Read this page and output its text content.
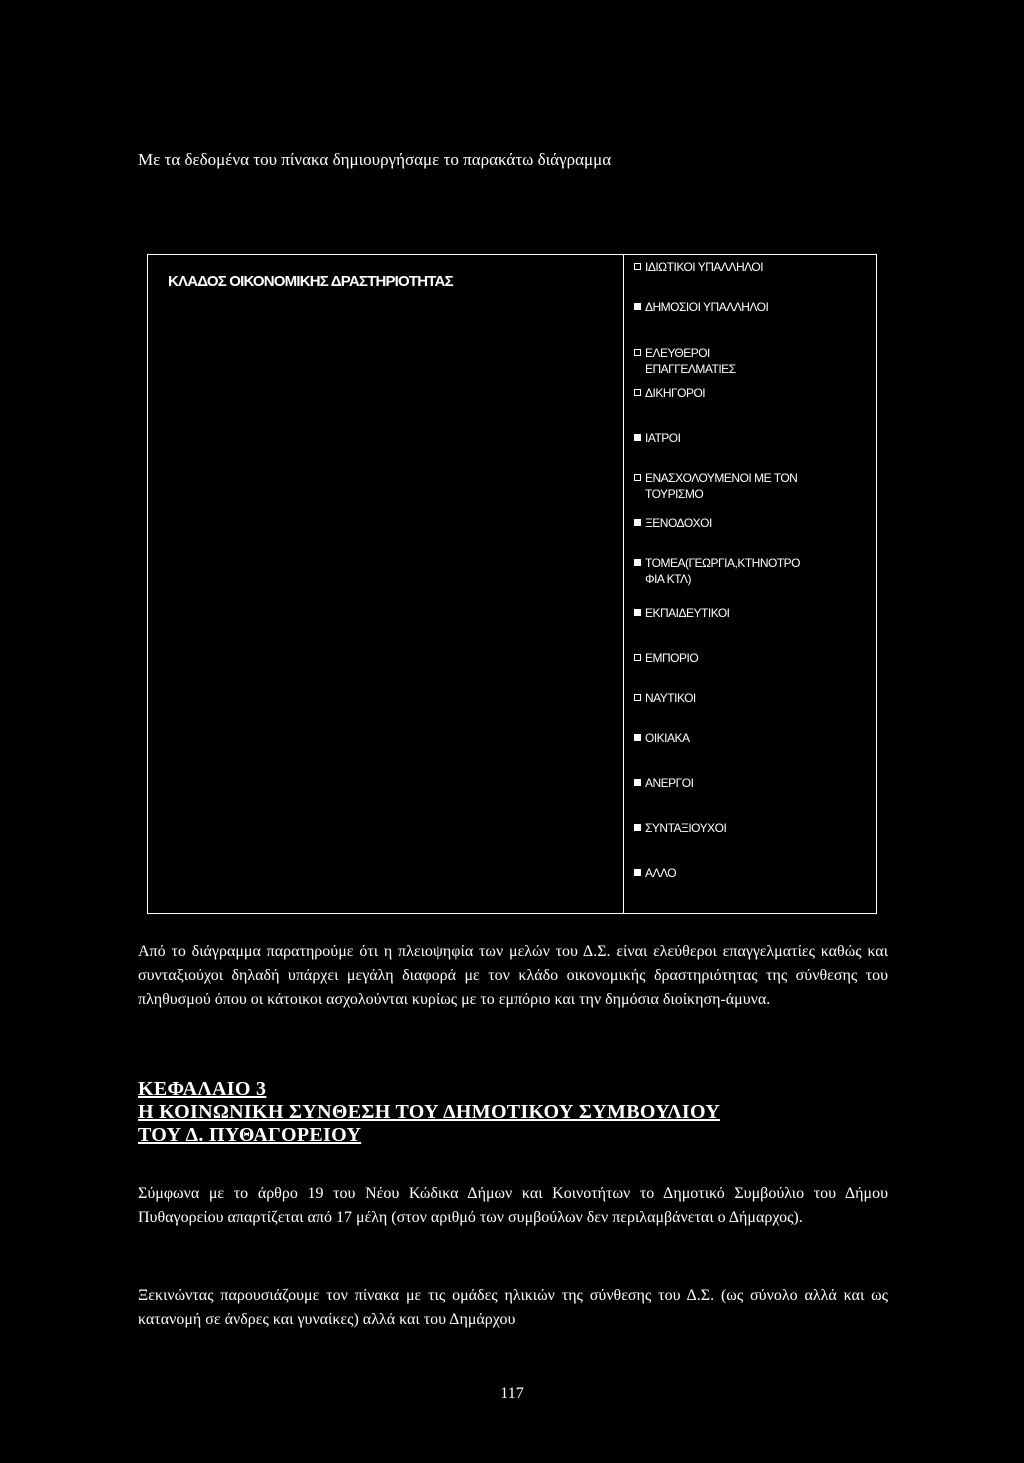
Με τα δεδομένα του πίνακα δημιουργήσαμε το παρακάτω διάγραμμα

ΚΛΑΔΟΣ ΟΙΚΟΝΟΜΙΚΗΣ ΔΡΑΣΤΗΡΙΟΤΗΤΑΣ
ΙΔΙΩΤΙΚΟΙ ΥΠΑΛΛΗΛΟΙ
ΔΗΜΟΣΙΟΙ ΥΠΑΛΛΗΛΟΙ
ΕΛΕΥΘΕΡΟΙ
ΕΠΑΓΓΕΛΜΑΤΙΕΣ
ΔΙΚΗΓΟΡΟΙ
ΙΑΤΡΟΙ
ΕΝΑΣΧΟΛΟΥΜΕΝΟΙ ΜΕ ΤΟΝ
ΤΟΥΡΙΣΜΟ
ΞΕΝΟΔΟΧΟΙ
ΤΟΜΕΑ(ΓΕΩΡΓΙΑ,ΚΤΗΝΟΤΡΟ
ΦΙΑ ΚΤΛ)
ΕΚΠΑΙΔΕΥΤΙΚΟΙ
ΕΜΠΟΡΙΟ
ΝΑΥΤΙΚΟΙ
ΟΙΚΙΑΚΑ
ΑΝΕΡΓΟΙ
ΣΥΝΤΑΞΙΟΥΧΟΙ
ΑΛΛΟ

Από το διάγραμμα παρατηρούμε ότι η πλειοψηφία των μελών του Δ.Σ. είναι ελεύθεροι επαγγελματίες καθώς και συνταξιούχοι δηλαδή υπάρχει μεγάλη διαφορά με τον κλάδο οικονομικής δραστηριότητας της σύνθεσης του πληθυσμού όπου οι κάτοικοι ασχολούνται κυρίως με το εμπόριο και την δημόσια διοίκηση-άμυνα.

ΚΕΦΑΛΑΙΟ 3
Η ΚΟΙΝΩΝΙΚΗ ΣΥΝΘΕΣΗ ΤΟΥ ΔΗΜΟΤΙΚΟΥ ΣΥΜΒΟΥΛΙΟΥ
ΤΟΥ Δ. ΠΥΘΑΓΟΡΕΙΟΥ

Σύμφωνα με το άρθρο 19 του Νέου Κώδικα Δήμων και Κοινοτήτων το Δημοτικό Συμβούλιο του Δήμου Πυθαγορείου απαρτίζεται από 17 μέλη (στον αριθμό των συμβούλων δεν περιλαμβάνεται ο Δήμαρχος).

Ξεκινώντας παρουσιάζουμε τον πίνακα με τις ομάδες ηλικιών της σύνθεσης του Δ.Σ. (ως σύνολο αλλά και ως κατανομή σε άνδρες και γυναίκες) αλλά και του Δημάρχου

117
